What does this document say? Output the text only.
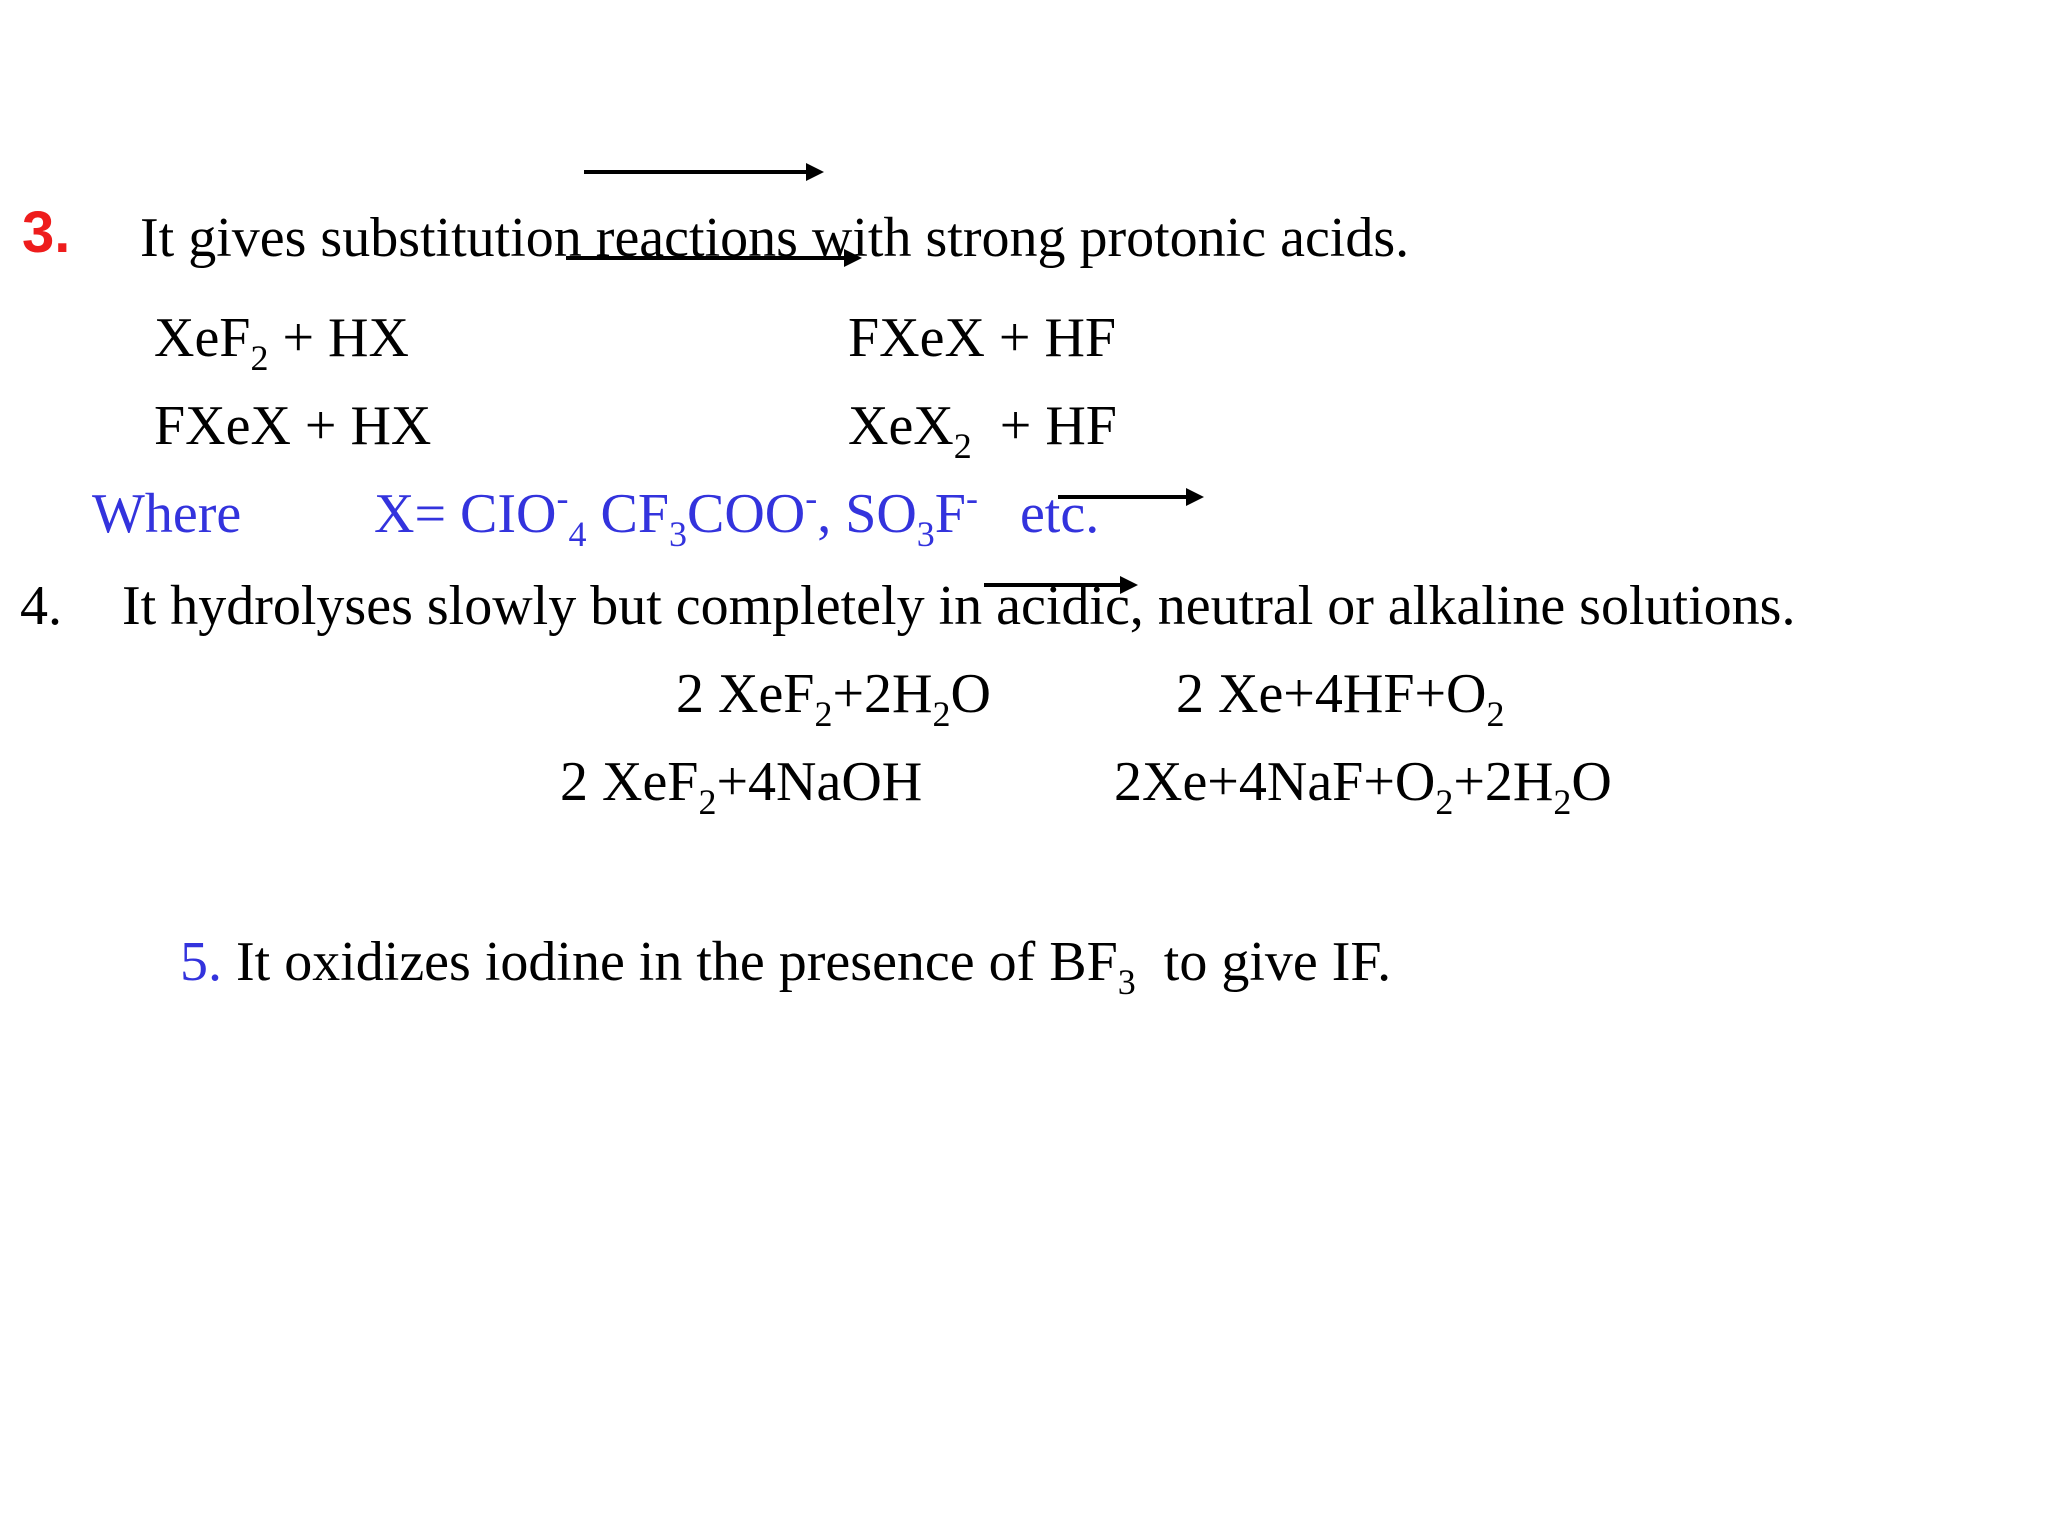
3. It gives substitution reactions with strong protonic acids.
XeF$_2$ + HX	FXeX + HF
FXeX + HX	XeX$_2$  + HF
Where $X= CIO^-_4$ $CF_3COO^-$, $SO_3F^-$   etc.
4. It hydrolyses slowly but completely in acidic, neutral or alkaline solutions.
2 $XeF_2+2H_2O$	2 $Xe+4HF+O_2$
2 XeF$_2$+4NaOH	$2Xe+4NaF+O_2+2H_2O$
5. It oxidizes iodine in the presence of $BF_3$  to give IF.
